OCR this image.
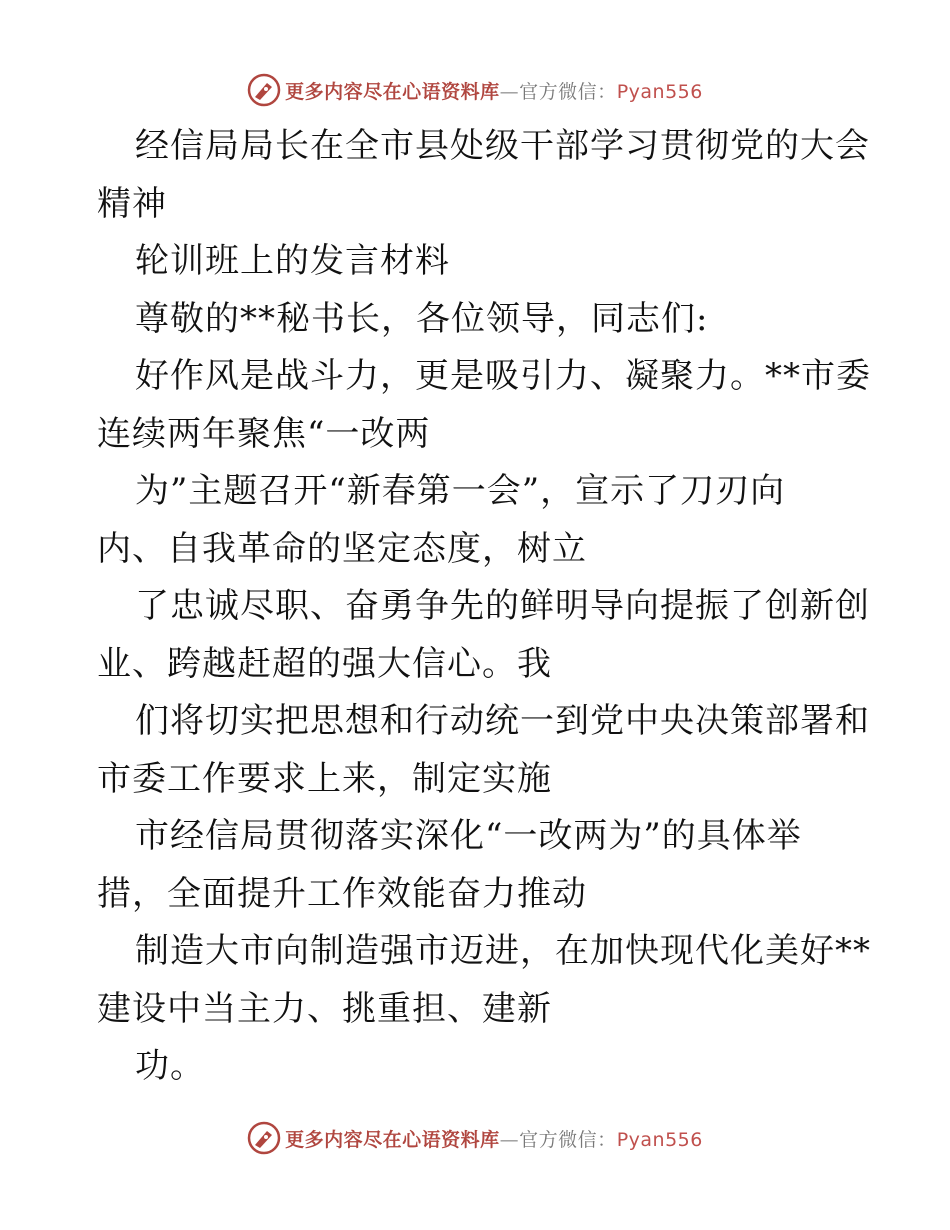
更多内容尽在心语资料库—官方微信：Pyan556
经信局局长在全市县处级干部学习贯彻党的大会
精神
轮训班上的发言材料
尊敬的**秘书长，各位领导，同志们:
好作风是战斗力，更是吸引力、凝聚力。**市委
连续两年聚焦“一改两
为”主题召开“新春第一会”，宣示了刀刃向
内、自我革命的坚定态度，树立
了忠诚尽职、奋勇争先的鲜明导向提振了创新创
业、跨越赶超的强大信心。我
们将切实把思想和行动统一到党中央决策部署和
市委工作要求上来，制定实施
市经信局贯彻落实深化“一改两为”的具体举
措，全面提升工作效能奋力推动
制造大市向制造强市迈进，在加快现代化美好**
建设中当主力、挑重担、建新
功。
更多内容尽在心语资料库—官方微信：Pyan556
